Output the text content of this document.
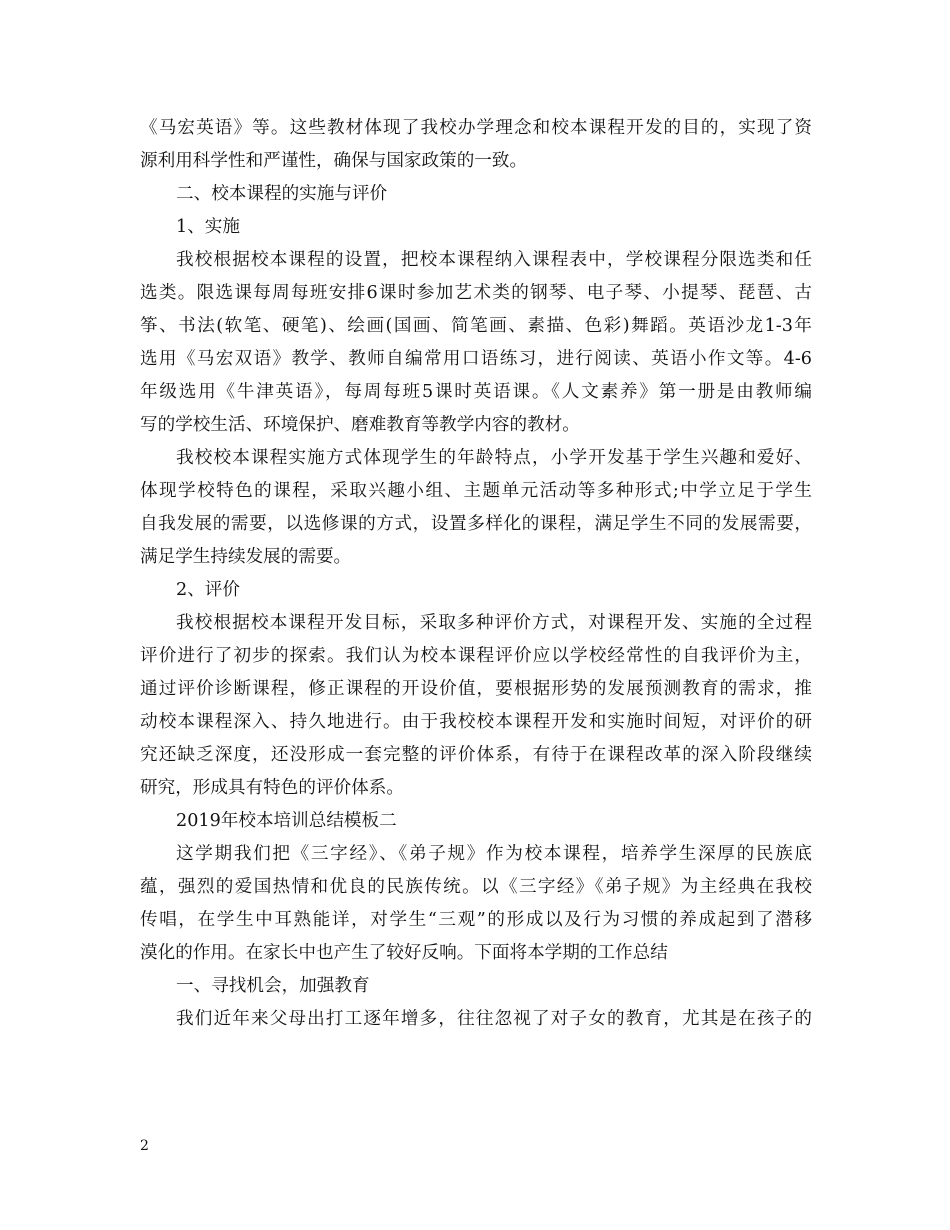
《马宏英语》等。这些教材体现了我校办学理念和校本课程开发的目的，实现了资
源利用科学性和严谨性，确保与国家政策的一致。
二、校本课程的实施与评价
1、实施
我校根据校本课程的设置，把校本课程纳入课程表中，学校课程分限选类和任
选类。限选课每周每班安排6课时参加艺术类的钢琴、电子琴、小提琴、琵琶、古
筝、书法(软笔、硬笔)、绘画(国画、简笔画、素描、色彩)舞蹈。英语沙龙1-3年
选用《马宏双语》教学、教师自编常用口语练习，进行阅读、英语小作文等。4-6
年级选用《牛津英语》，每周每班5课时英语课。《人文素养》第一册是由教师编
写的学校生活、环境保护、磨难教育等教学内容的教材。
我校校本课程实施方式体现学生的年龄特点，小学开发基于学生兴趣和爱好、
体现学校特色的课程，采取兴趣小组、主题单元活动等多种形式;中学立足于学生
自我发展的需要，以选修课的方式，设置多样化的课程，满足学生不同的发展需要，
满足学生持续发展的需要。
2、评价
我校根据校本课程开发目标，采取多种评价方式，对课程开发、实施的全过程
评价进行了初步的探索。我们认为校本课程评价应以学校经常性的自我评价为主，
通过评价诊断课程，修正课程的开设价值，要根据形势的发展预测教育的需求，推
动校本课程深入、持久地进行。由于我校校本课程开发和实施时间短，对评价的研
究还缺乏深度，还没形成一套完整的评价体系，有待于在课程改革的深入阶段继续
研究，形成具有特色的评价体系。
2019年校本培训总结模板二
这学期我们把《三字经》、《弟子规》作为校本课程，培养学生深厚的民族底
蕴，强烈的爱国热情和优良的民族传统。以《三字经》《弟子规》为主经典在我校
传唱，在学生中耳熟能详，对学生“三观”的形成以及行为习惯的养成起到了潜移
漠化的作用。在家长中也产生了较好反响。下面将本学期的工作总结
一、寻找机会，加强教育
我们近年来父母出打工逐年增多，往往忽视了对子女的教育，尤其是在孩子的
2
